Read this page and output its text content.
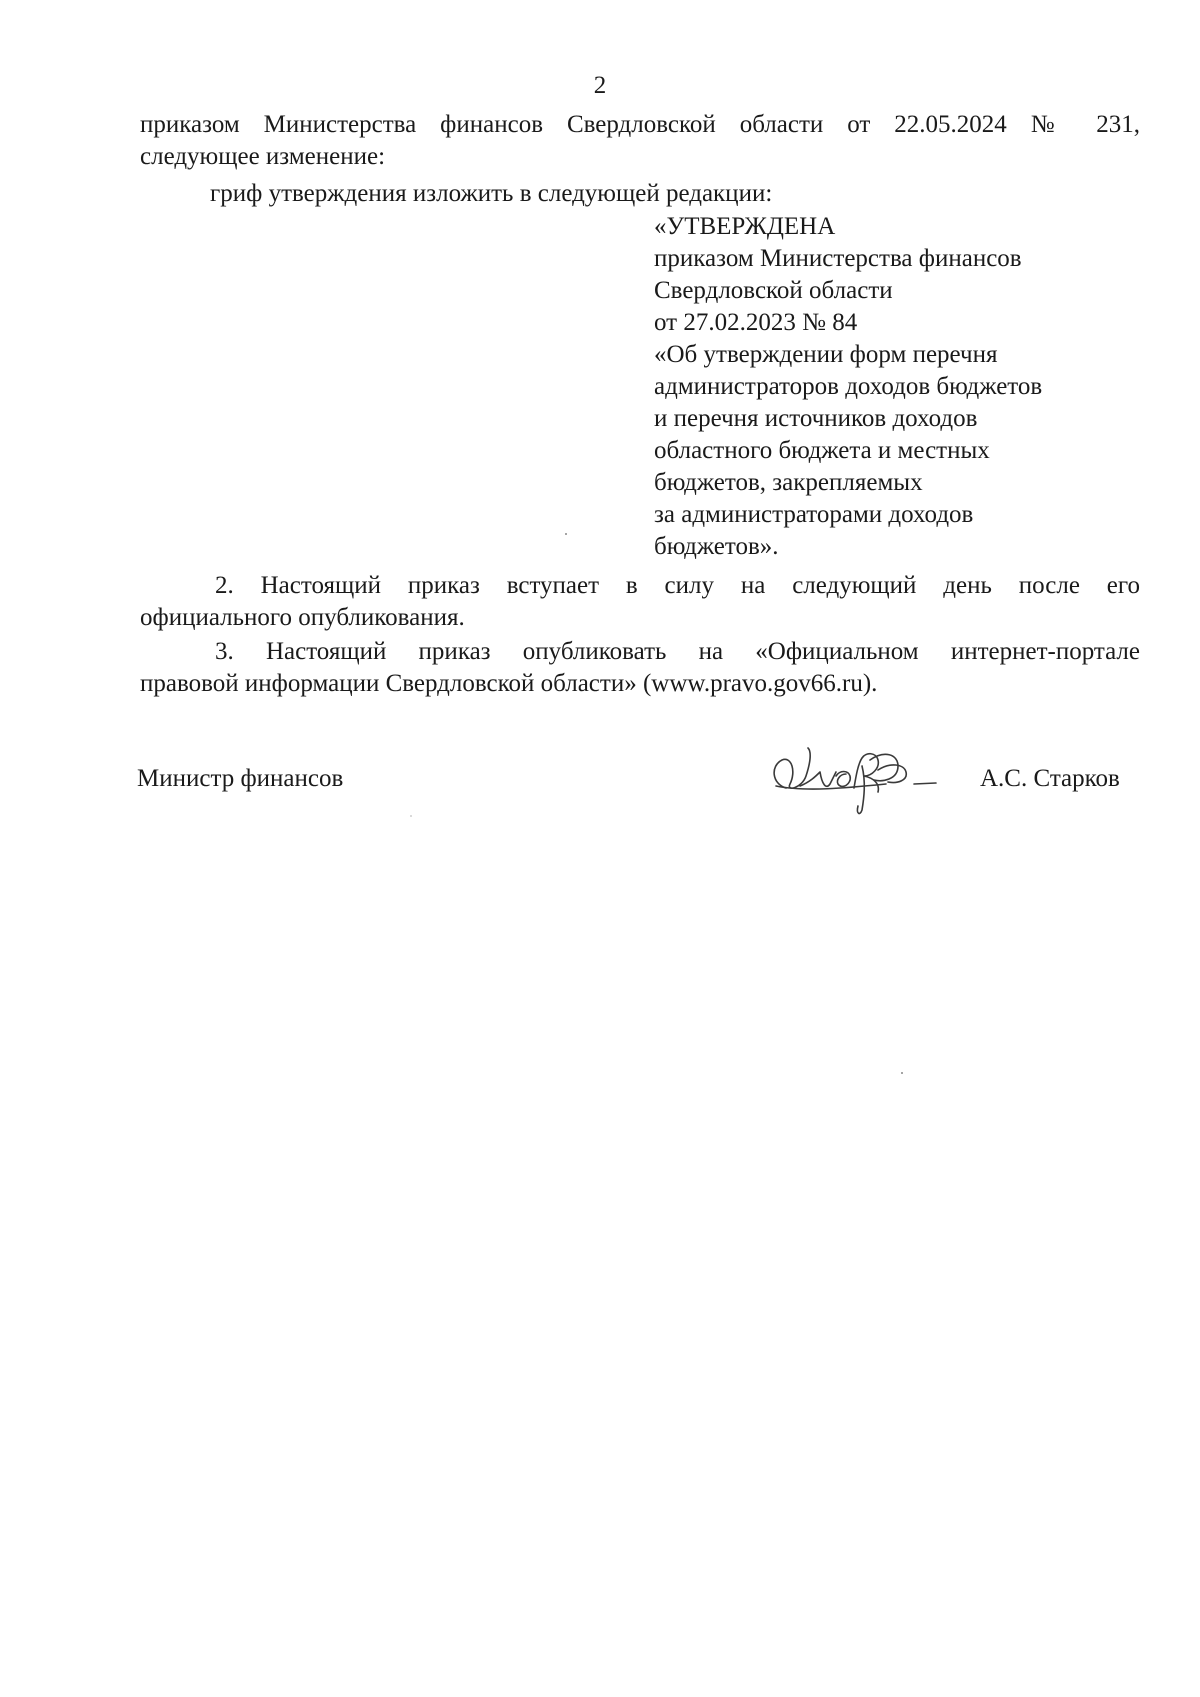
2
приказом Министерства финансов Свердловской области от 22.05.2024 № 231,
следующее изменение:
гриф утверждения изложить в следующей редакции:
«УТВЕРЖДЕНА
приказом Министерства финансов
Свердловской области
от 27.02.2023 № 84
«Об утверждении форм перечня
администраторов доходов бюджетов
и перечня источников доходов
областного бюджета и местных
бюджетов, закрепляемых
за администраторами доходов
бюджетов».
2. Настоящий приказ вступает в силу на следующий день после его
официального опубликования.
3. Настоящий приказ опубликовать на «Официальном интернет-портале
правовой информации Свердловской области» (www.pravo.gov66.ru).
Министр финансов	А.С. Старков
